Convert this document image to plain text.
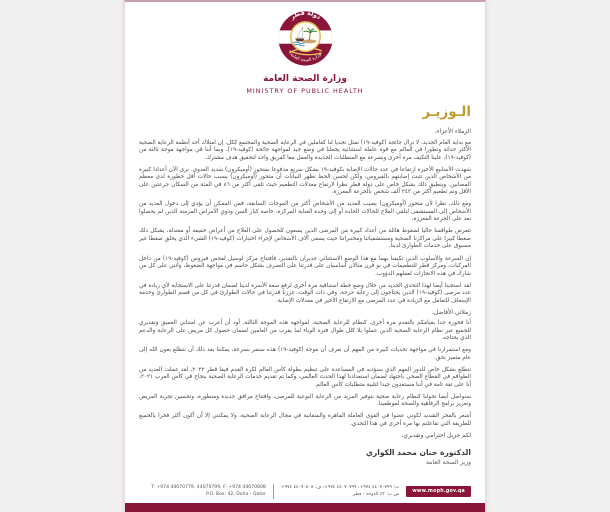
دولة قطر
وزارة الصحة العامة
وزارة الصحة العامة
MINISTRY OF PUBLIC HEALTH
الـوزيـر
الزملاء الأعزاء،

مع بداية العام الجديد، لا تزال جائحة (كوفيد-١٩) تمثل تحديا لنا كعاملين في الرعاية الصحية والمجتمع ككل. إن امتلاك أحد أنظمة الرعاية الصحية الأكثر حداثة وتطورا في العالم مع قوة عاملة استثنائية يجعلنا في وضع جيد لمواجهة جائحة (كوفيد-١٩)، وبما أننا في مواجهة موجة ثالثة من (كوفيد-١٩)، علينا التكيف مرة أخرى وبسرعة مع المتطلبات الجديدة والعمل معا كفريق واحد لتحقيق هدف مشترك.

شهدت الأسابيع الأخيرة ارتفاعا في عدد حالات الإصابة بكوفيد-١٩ بشكل سريع مدفوعا بمتحور (أوميكرون) شديد العدوى. نرى الآن أعدادا كبيرة من الأشخاص الذين تثبت إصابتهم بالفيروس، ولكن لحسن الحظ تظهر البيانات أن متحور (أوميكرون) يسبب حالات أقل خطورة لدى معظم المصابين. وينطبق ذلك بشكل خاص على دولة قطر نظرا لارتفاع معدلات التطعيم حيث تلقى أكثر من ٨٦ في المئة من السكان جرعتين على الأقل وتم تطعيم أكثر من ٣٤٣ ألف شخص بالجرعة المعززة.

ومع ذلك، نظرا لأن متحور (أوميكرون) يصيب العديد من الأشخاص أكثر من الموجات السابقة، فمن الممكن أن يؤدي إلى دخول العديد من الأشخاص إلى المستشفى لتلقي العلاج للحالات الحادة أو إلى وحدة العناية المركزة، خاصة كبار السن وذوي الأمراض المزمنة الذين لم يحصلوا بعد على الجرعة المعززة.

تتعرض طواقمنا حاليا لضغوط هائلة من أعداد كبيرة من المرضى الذين يسعون للحصول على العلاج من أعراض خفيفة أو معتدلة، يشكل ذلك ضغطا كبيرا على مراكزنا الصحية ومستشفياتنا ومختبراتنا حيث يسعى آلاف الأشخاص لإجراء اختبارات (كوفيد-١٩) الشيء الذي يخلق ضغطا غير مسبوق على خدمات الطوارئ لدينا.

إن السرعة والأسلوب الذين تكيفنا بهما مع هذا الوضع الاستثنائي جديران بالتقدير، فافتتاح مركز لوسيل لفحص فيروس (كوفيد-١٩) من داخل المركبات، ومركز قطر للتطعيمات في بو قرن مثالان أساسيان على قدرتنا على التصرف بشكل حاسم في مواجهة الضغوط، وأثني على كل من شارك في هذه الانجازات لعملهم الدؤوب.

لقد استجبنا أيضا لهذا التحدي الجديد من خلال وضع خطة استباقية مرة أخرى لرفع سعة الأسرة لدينا لضمان قدرتنا على الاستجابة لأي زيادة في عدد مرضى (كوفيد-١٩) الذين يحتاجون إلى رعاية حرجة، وفي ذات الوقت، عززنا قدرتنا في حالات الطوارئ في كل من قسم الطوارئ وخدمة الإسعاف للتعامل مع الزيادة في عدد المرضى مع الارتفاع الأخير في معدلات الإصابة.

زملائي الأفاضل،

أنا فخورة جدا بقيامكم بالتقدم مرة أخرى، كنظام للرعاية الصحية، لمواجهة هذه الموجة الثالثة. أود أن أعرب عن امتناني العميق وتقديري للجميع عبر نظام الرعاية الصحية الذين عملوا بلا كلل طوال فترة الوباء لما يقرب من العامين لضمان حصول كل مريض على الرعاية والدعم الذي يحتاجه.

ومع استمرارنا في مواجهة تحديات كبيرة من المهم أن نعرف أن موجة (كوفيد-١٩) هذه ستمر بسرعة، يمكننا بعد ذلك أن نتطلع بعون الله إلى عام متميز بحق.

نتطلع بشكل خاص للدور المهم الذي سنؤديه في المساعدة على تنظيم بطولة كأس العالم لكرة القدم فيفا قطر ٢٠٢٢، لقد عملت العديد من الطواقم في القطاع الصحي باجتهاد لضمان استعدادنا لهذا الحدث العالمي، وكما تم تقديم خدمات الرعاية الصحية بنجاح في كأس العرب ٢٠٢١، أنا على ثقة تامة في أننا مستعدون جيدا لتلبية متطلبات كأس العالم.

سنواصل أيضا تحولنا كنظام رعاية صحية بتوفير المزيد من الرعاية النوعية للمرضى، وافتتاح مرافق جديدة ومتطورة، وتحسين تجربة المريض وتعزيز برامج الرفاهية والصحة لموظفينا.

أشعر بالفخر الشديد لكوني عضوا في القوى العاملة الماهرة والمتفانية في مجال الرعاية الصحية، ولا يمكنني إلا أن أكون أكثر فخرا بالجميع للطريقة التي تفاعلتم بها مرة أخرى في هذا التحدي.

لكم جزيل احترامي وتقديري،
الدكتورة حنان محمد الكواري
وزير الصحة العامة
T: +974 44070779, 44070799, F: +974 44070808
P.O. Box: 42, Doha - Qatar
ت: ٤٤٠٧٠٧٧٩ ٩٧٤+، ٤٤٠٧٠٧٩٩ ٩٧٤+، ف: ٤٤٠٧٠٨٠٨ ٩٧٤+
ص.ب: ٤٢ الدوحة - قطر	www.moph.gov.qa
